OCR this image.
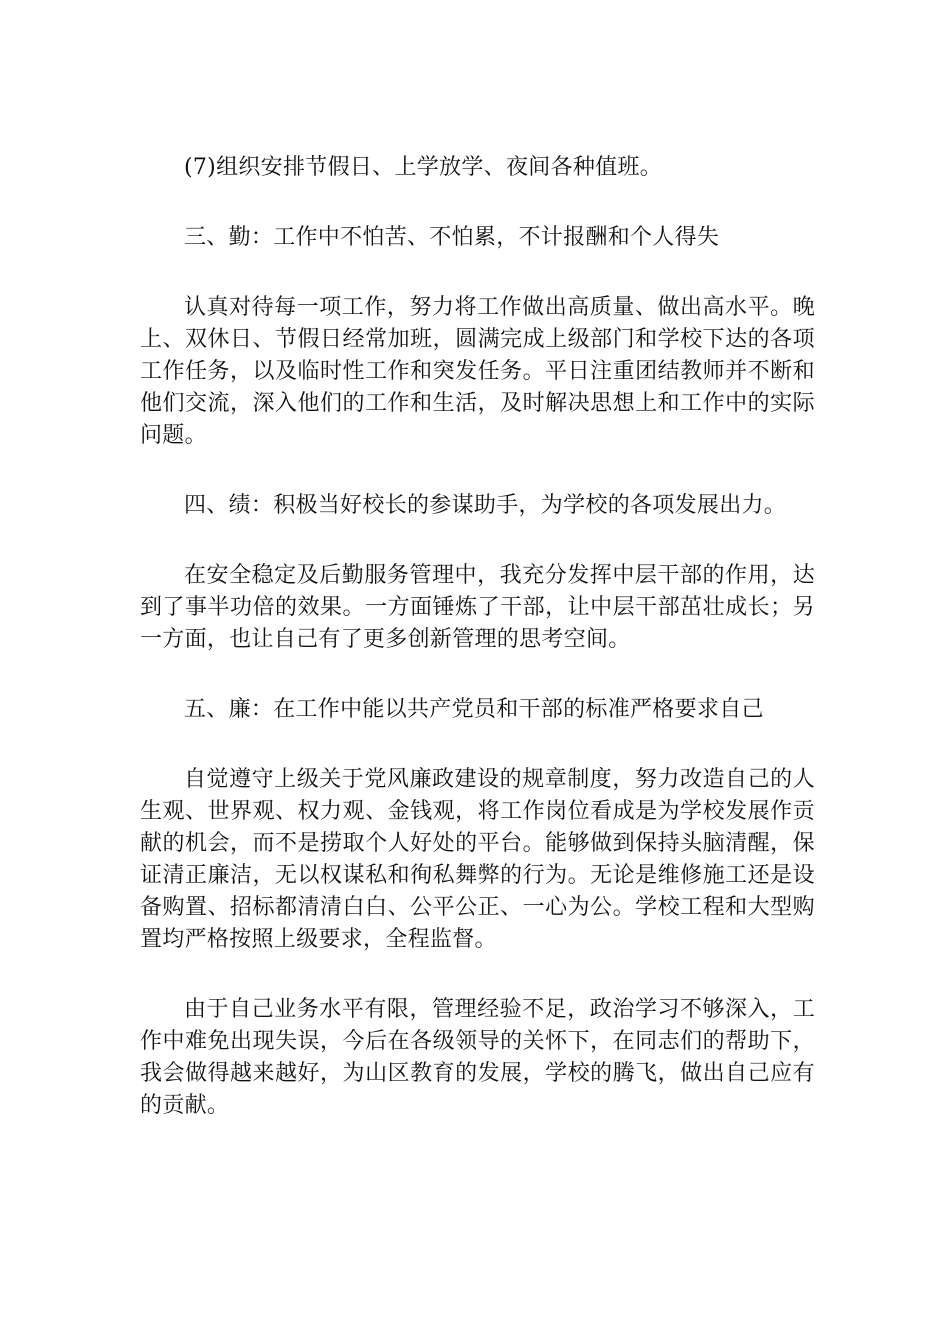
(7)组织安排节假日、上学放学、夜间各种值班。

三、勤：工作中不怕苦、不怕累，不计报酬和个人得失

认真对待每一项工作，努力将工作做出高质量、做出高水平。晚上、双休日、节假日经常加班，圆满完成上级部门和学校下达的各项工作任务，以及临时性工作和突发任务。平日注重团结教师并不断和他们交流，深入他们的工作和生活，及时解决思想上和工作中的实际问题。

四、绩：积极当好校长的参谋助手，为学校的各项发展出力。

在安全稳定及后勤服务管理中，我充分发挥中层干部的作用，达到了事半功倍的效果。一方面锤炼了干部，让中层干部茁壮成长；另一方面，也让自己有了更多创新管理的思考空间。

五、廉：在工作中能以共产党员和干部的标准严格要求自己

自觉遵守上级关于党风廉政建设的规章制度，努力改造自己的人生观、世界观、权力观、金钱观，将工作岗位看成是为学校发展作贡献的机会，而不是捞取个人好处的平台。能够做到保持头脑清醒，保证清正廉洁，无以权谋私和徇私舞弊的行为。无论是维修施工还是设备购置、招标都清清白白、公平公正、一心为公。学校工程和大型购置均严格按照上级要求，全程监督。

由于自己业务水平有限，管理经验不足，政治学习不够深入，工作中难免出现失误，今后在各级领导的关怀下，在同志们的帮助下，我会做得越来越好，为山区教育的发展，学校的腾飞，做出自己应有的贡献。
